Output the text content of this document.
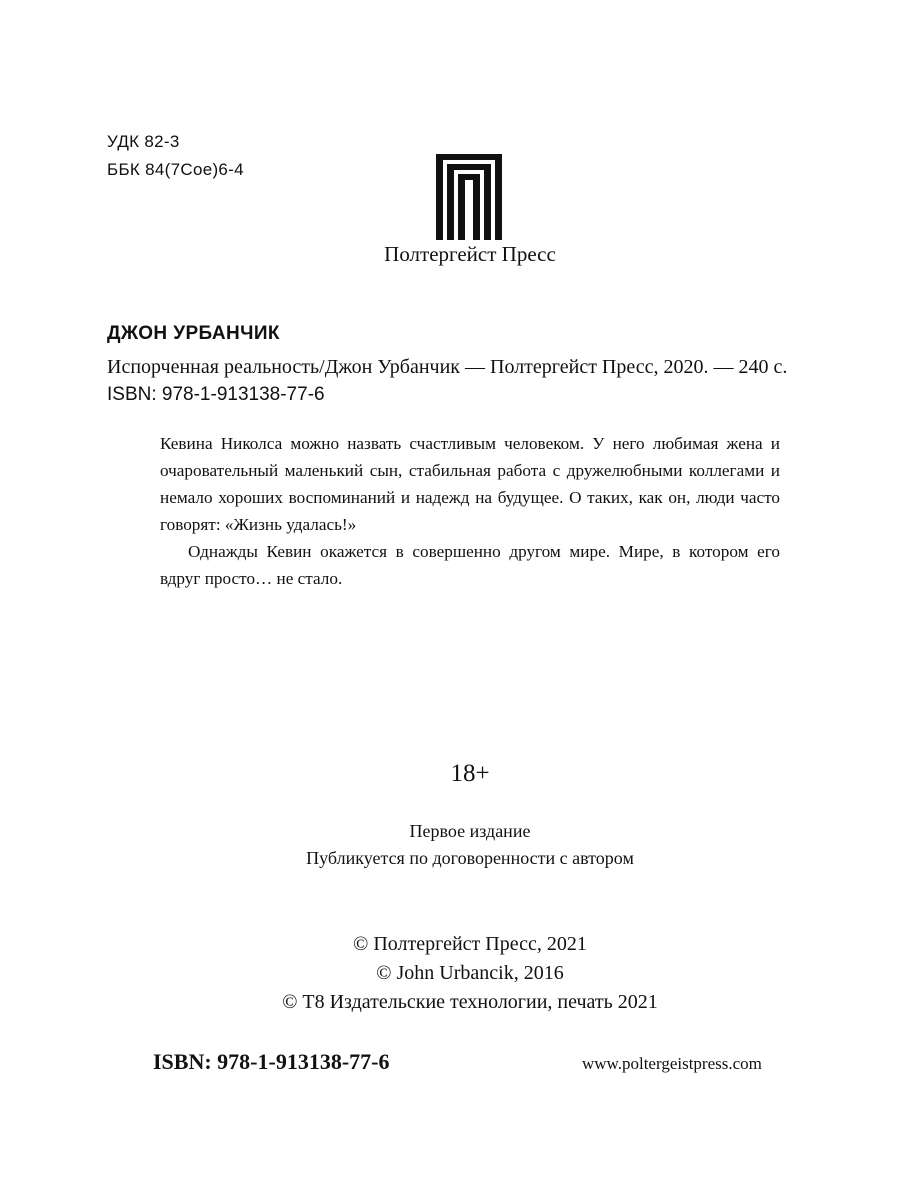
УДК 82-3
ББК 84(7Сое)6-4
Полтергейст Пресс
ДЖОН УРБАНЧИК
Испорченная реальность/Джон Урбанчик — Полтергейст Пресс, 2020. — 240 с.
ISBN: 978-1-913138-77-6

Кевина Николса можно назвать счастливым человеком. У него любимая жена и очаровательный маленький сын, стабильная работа с дружелюбными коллегами и немало хороших воспоминаний и надежд на будущее. О таких, как он, люди часто говорят: «Жизнь удалась!»

Однажды Кевин окажется в совершенно другом мире. Мире, в котором его вдруг просто… не стало.

18+
Первое издание
Публикуется по договоренности с автором
© Полтергейст Пресс, 2021
© John Urbancik, 2016
© Т8 Издательские технологии, печать 2021
ISBN: 978-1-913138-77-6	www.poltergeistpress.com
